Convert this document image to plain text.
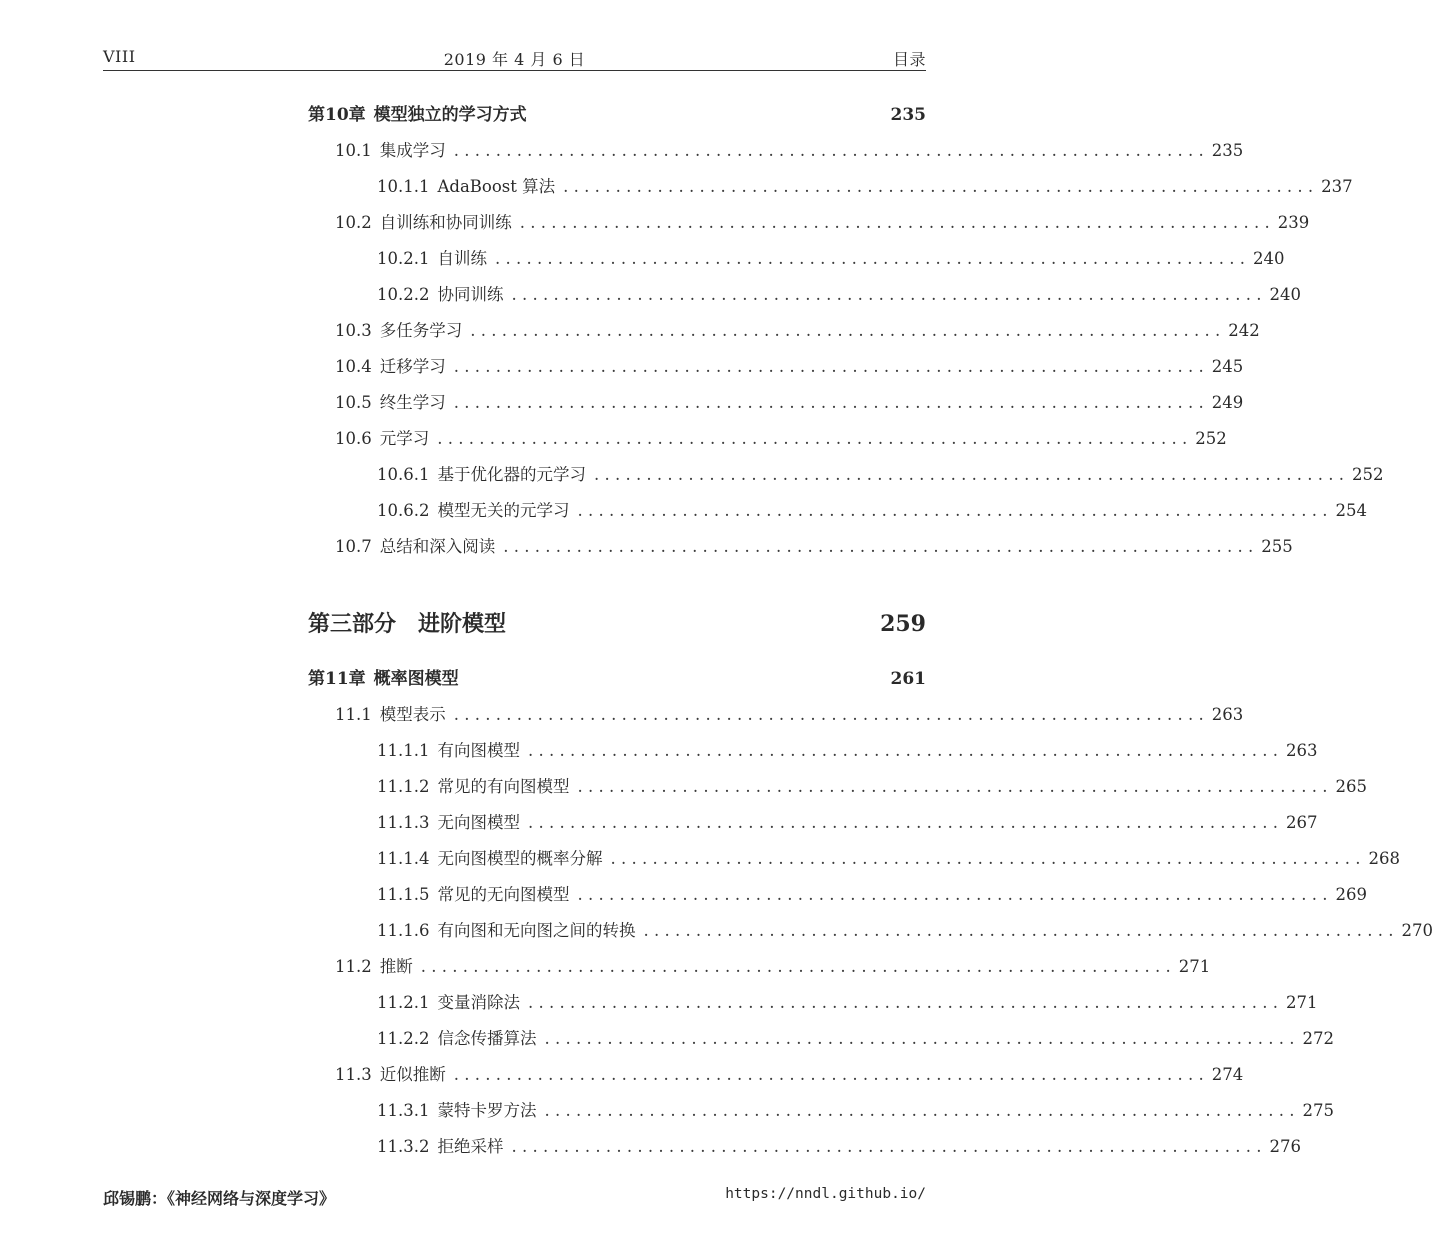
VIII	2019 年 4 月 6 日	目录
第10章 模型独立的学习方式	235
10.1 集成学习 . . . . . . . . . . . . . . . . . . . . . . . . . . . . . . . . . . . . . . . . . . . . . . . . . . . . . . . . . . . . . . . . . . . . . . . . 235
10.1.1 AdaBoost 算法 . . . . . . . . . . . . . . . . . . . . . . . . . . . . . . . . . . . . . . . . . . . . . . . . . . . . . . . . . . . . . . . . . . . . . . . . 237
10.2 自训练和协同训练 . . . . . . . . . . . . . . . . . . . . . . . . . . . . . . . . . . . . . . . . . . . . . . . . . . . . . . . . . . . . . . . . . . . . . . . . 239
10.2.1 自训练 . . . . . . . . . . . . . . . . . . . . . . . . . . . . . . . . . . . . . . . . . . . . . . . . . . . . . . . . . . . . . . . . . . . . . . . . 240
10.2.2 协同训练 . . . . . . . . . . . . . . . . . . . . . . . . . . . . . . . . . . . . . . . . . . . . . . . . . . . . . . . . . . . . . . . . . . . . . . . . 240
10.3 多任务学习 . . . . . . . . . . . . . . . . . . . . . . . . . . . . . . . . . . . . . . . . . . . . . . . . . . . . . . . . . . . . . . . . . . . . . . . . 242
10.4 迁移学习 . . . . . . . . . . . . . . . . . . . . . . . . . . . . . . . . . . . . . . . . . . . . . . . . . . . . . . . . . . . . . . . . . . . . . . . . 245
10.5 终生学习 . . . . . . . . . . . . . . . . . . . . . . . . . . . . . . . . . . . . . . . . . . . . . . . . . . . . . . . . . . . . . . . . . . . . . . . . 249
10.6 元学习 . . . . . . . . . . . . . . . . . . . . . . . . . . . . . . . . . . . . . . . . . . . . . . . . . . . . . . . . . . . . . . . . . . . . . . . . 252
10.6.1 基于优化器的元学习 . . . . . . . . . . . . . . . . . . . . . . . . . . . . . . . . . . . . . . . . . . . . . . . . . . . . . . . . . . . . . . . . . . . . . . . . 252
10.6.2 模型无关的元学习 . . . . . . . . . . . . . . . . . . . . . . . . . . . . . . . . . . . . . . . . . . . . . . . . . . . . . . . . . . . . . . . . . . . . . . . . 254
10.7 总结和深入阅读 . . . . . . . . . . . . . . . . . . . . . . . . . . . . . . . . . . . . . . . . . . . . . . . . . . . . . . . . . . . . . . . . . . . . . . . . 255
第三部分 进阶模型	259
第11章 概率图模型	261
11.1 模型表示 . . . . . . . . . . . . . . . . . . . . . . . . . . . . . . . . . . . . . . . . . . . . . . . . . . . . . . . . . . . . . . . . . . . . . . . . 263
11.1.1 有向图模型 . . . . . . . . . . . . . . . . . . . . . . . . . . . . . . . . . . . . . . . . . . . . . . . . . . . . . . . . . . . . . . . . . . . . . . . . 263
11.1.2 常见的有向图模型 . . . . . . . . . . . . . . . . . . . . . . . . . . . . . . . . . . . . . . . . . . . . . . . . . . . . . . . . . . . . . . . . . . . . . . . . 265
11.1.3 无向图模型 . . . . . . . . . . . . . . . . . . . . . . . . . . . . . . . . . . . . . . . . . . . . . . . . . . . . . . . . . . . . . . . . . . . . . . . . 267
11.1.4 无向图模型的概率分解 . . . . . . . . . . . . . . . . . . . . . . . . . . . . . . . . . . . . . . . . . . . . . . . . . . . . . . . . . . . . . . . . . . . . . . . . 268
11.1.5 常见的无向图模型 . . . . . . . . . . . . . . . . . . . . . . . . . . . . . . . . . . . . . . . . . . . . . . . . . . . . . . . . . . . . . . . . . . . . . . . . 269
11.1.6 有向图和无向图之间的转换 . . . . . . . . . . . . . . . . . . . . . . . . . . . . . . . . . . . . . . . . . . . . . . . . . . . . . . . . . . . . . . . . . . . . . . . . 270
11.2 推断 . . . . . . . . . . . . . . . . . . . . . . . . . . . . . . . . . . . . . . . . . . . . . . . . . . . . . . . . . . . . . . . . . . . . . . . . 271
11.2.1 变量消除法 . . . . . . . . . . . . . . . . . . . . . . . . . . . . . . . . . . . . . . . . . . . . . . . . . . . . . . . . . . . . . . . . . . . . . . . . 271
11.2.2 信念传播算法 . . . . . . . . . . . . . . . . . . . . . . . . . . . . . . . . . . . . . . . . . . . . . . . . . . . . . . . . . . . . . . . . . . . . . . . . 272
11.3 近似推断 . . . . . . . . . . . . . . . . . . . . . . . . . . . . . . . . . . . . . . . . . . . . . . . . . . . . . . . . . . . . . . . . . . . . . . . . 274
11.3.1 蒙特卡罗方法 . . . . . . . . . . . . . . . . . . . . . . . . . . . . . . . . . . . . . . . . . . . . . . . . . . . . . . . . . . . . . . . . . . . . . . . . 275
11.3.2 拒绝采样 . . . . . . . . . . . . . . . . . . . . . . . . . . . . . . . . . . . . . . . . . . . . . . . . . . . . . . . . . . . . . . . . . . . . . . . . 276
邱锡鹏：《神经网络与深度学习》	https://nndl.github.io/
